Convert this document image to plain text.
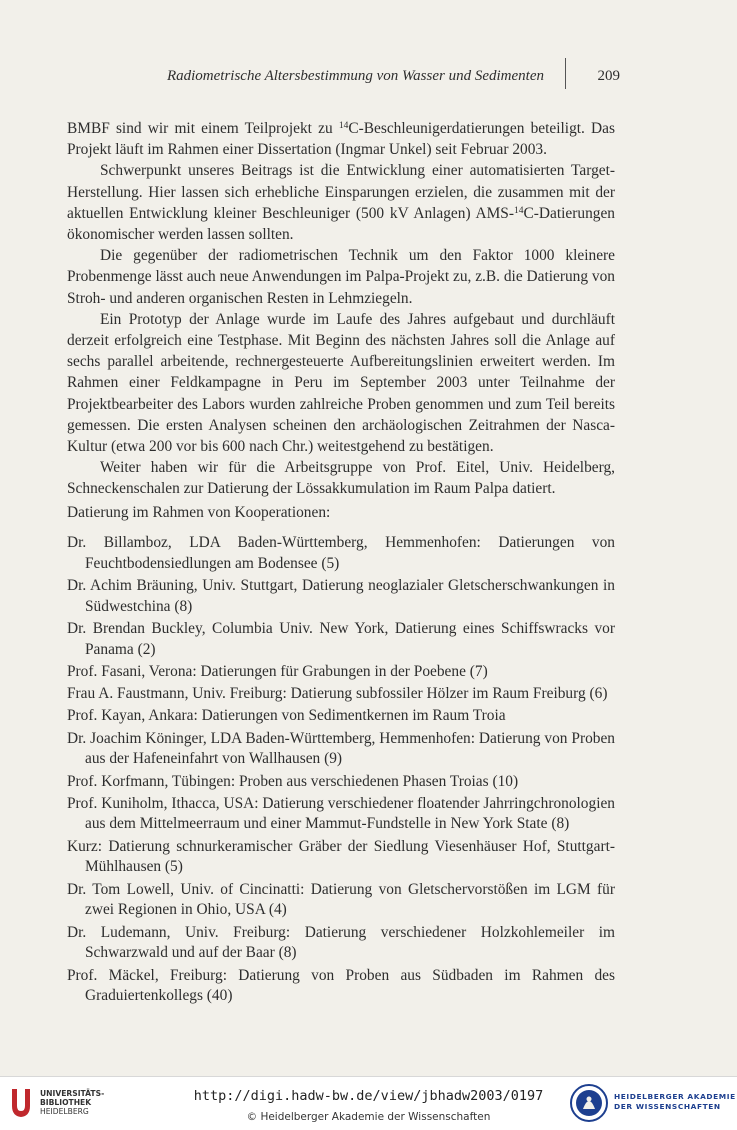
Radiometrische Altersbestimmung von Wasser und Sedimenten	209

BMBF sind wir mit einem Teilprojekt zu $^{14}$C-Beschleunigerdatierungen beteiligt. Das Projekt läuft im Rahmen einer Dissertation (Ingmar Unkel) seit Februar 2003.

Schwerpunkt unseres Beitrags ist die Entwicklung einer automatisierten Target-Herstellung. Hier lassen sich erhebliche Einsparungen erzielen, die zusammen mit der aktuellen Entwicklung kleiner Beschleuniger (500 kV Anlagen) AMS-$^{14}$C-Datierungen ökonomischer werden lassen sollten.

Die gegenüber der radiometrischen Technik um den Faktor 1000 kleinere Probenmenge lässt auch neue Anwendungen im Palpa-Projekt zu, z.B. die Datierung von Stroh- und anderen organischen Resten in Lehmziegeln.

Ein Prototyp der Anlage wurde im Laufe des Jahres aufgebaut und durchläuft derzeit erfolgreich eine Testphase. Mit Beginn des nächsten Jahres soll die Anlage auf sechs parallel arbeitende, rechnergesteuerte Aufbereitungslinien erweitert werden. Im Rahmen einer Feldkampagne in Peru im September 2003 unter Teilnahme der Projektbearbeiter des Labors wurden zahlreiche Proben genommen und zum Teil bereits gemessen. Die ersten Analysen scheinen den archäologischen Zeitrahmen der Nasca-Kultur (etwa 200 vor bis 600 nach Chr.) weitestgehend zu bestätigen.

Weiter haben wir für die Arbeitsgruppe von Prof. Eitel, Univ. Heidelberg, Schneckenschalen zur Datierung der Lössakkumulation im Raum Palpa datiert.

Datierung im Rahmen von Kooperationen:
Dr. Billamboz, LDA Baden-Württemberg, Hemmenhofen: Datierungen von Feuchtbodensiedlungen am Bodensee (5)
Dr. Achim Bräuning, Univ. Stuttgart, Datierung neoglazialer Gletscherschwankungen in Südwestchina (8)
Dr. Brendan Buckley, Columbia Univ. New York, Datierung eines Schiffswracks vor Panama (2)
Prof. Fasani, Verona: Datierungen für Grabungen in der Poebene (7)
Frau A. Faustmann, Univ. Freiburg: Datierung subfossiler Hölzer im Raum Freiburg (6)
Prof. Kayan, Ankara: Datierungen von Sedimentkernen im Raum Troia
Dr. Joachim Köninger, LDA Baden-Württemberg, Hemmenhofen: Datierung von Proben aus der Hafeneinfahrt von Wallhausen (9)
Prof. Korfmann, Tübingen: Proben aus verschiedenen Phasen Troias (10)
Prof. Kuniholm, Ithacca, USA: Datierung verschiedener floatender Jahrringchronologien aus dem Mittelmeerraum und einer Mammut-Fundstelle in New York State (8)
Kurz: Datierung schnurkeramischer Gräber der Siedlung Viesenhäuser Hof, Stuttgart-Mühlhausen (5)
Dr. Tom Lowell, Univ. of Cincinatti: Datierung von Gletschervorstößen im LGM für zwei Regionen in Ohio, USA (4)
Dr. Ludemann, Univ. Freiburg: Datierung verschiedener Holzkohlemeiler im Schwarzwald und auf der Baar (8)
Prof. Mäckel, Freiburg: Datierung von Proben aus Südbaden im Rahmen des Graduiertenkollegs (40)
UNIVERSITÄTS-
BIBLIOTHEK
HEIDELBERG
http://digi.hadw-bw.de/view/jbhadw2003/0197
© Heidelberger Akademie der Wissenschaften
HEIDELBERGER AKADEMIE
DER WISSENSCHAFTEN
